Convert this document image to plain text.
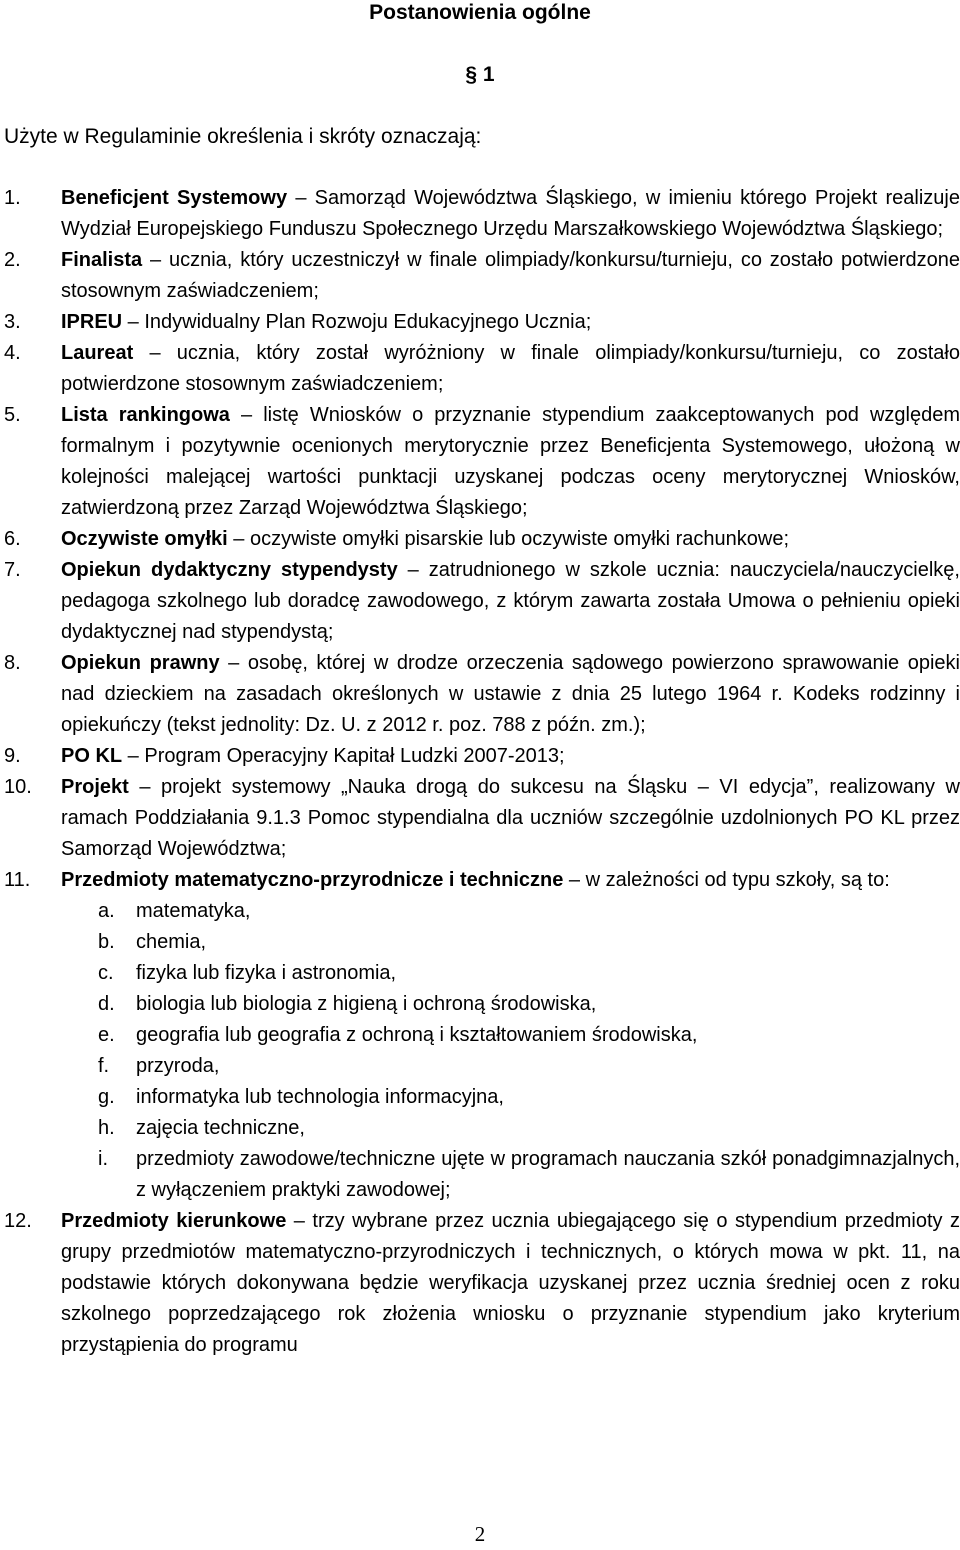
Postanowienia ogólne
§ 1
Użyte w Regulaminie określenia i skróty oznaczają:
1.	Beneficjent Systemowy – Samorząd Województwa Śląskiego, w imieniu którego Projekt realizuje Wydział Europejskiego Funduszu Społecznego Urzędu Marszałkowskiego Województwa Śląskiego;
2.	Finalista – ucznia, który uczestniczył w finale olimpiady/konkursu/turnieju, co zostało potwierdzone stosownym zaświadczeniem;
3.	IPREU – Indywidualny Plan Rozwoju Edukacyjnego Ucznia;
4.	Laureat – ucznia, który został wyróżniony w finale olimpiady/konkursu/turnieju, co zostało potwierdzone stosownym zaświadczeniem;
5.	Lista rankingowa – listę Wniosków o przyznanie stypendium zaakceptowanych pod względem formalnym i pozytywnie ocenionych merytorycznie przez Beneficjenta Systemowego, ułożoną w kolejności malejącej wartości punktacji uzyskanej podczas oceny merytorycznej Wniosków, zatwierdzoną przez Zarząd Województwa Śląskiego;
6.	Oczywiste omyłki – oczywiste omyłki pisarskie lub oczywiste omyłki rachunkowe;
7.	Opiekun dydaktyczny stypendysty – zatrudnionego w szkole ucznia: nauczyciela/nauczycielkę, pedagoga szkolnego lub doradcę zawodowego, z którym zawarta została Umowa o pełnieniu opieki dydaktycznej nad stypendystą;
8.	Opiekun prawny – osobę, której w drodze orzeczenia sądowego powierzono sprawowanie opieki nad dzieckiem na zasadach określonych w ustawie z dnia 25 lutego 1964 r. Kodeks rodzinny i opiekuńczy (tekst jednolity: Dz. U. z 2012 r. poz. 788 z późn. zm.);
9.	PO KL – Program Operacyjny Kapitał Ludzki 2007-2013;
10.	Projekt – projekt systemowy „Nauka drogą do sukcesu na Śląsku – VI edycja”, realizowany w ramach Poddziałania 9.1.3 Pomoc stypendialna dla uczniów szczególnie uzdolnionych PO KL przez Samorząd Województwa;
11.	Przedmioty matematyczno-przyrodnicze i techniczne – w zależności od typu szkoły, są to:
a. matematyka,
b. chemia,
c. fizyka lub fizyka i astronomia,
d. biologia lub biologia z higieną i ochroną środowiska,
e. geografia lub geografia z ochroną i kształtowaniem środowiska,
f. przyroda,
g. informatyka lub technologia informacyjna,
h. zajęcia techniczne,
i. przedmioty zawodowe/techniczne ujęte w programach nauczania szkół ponadgimnazjalnych, z wyłączeniem praktyki zawodowej;
12.	Przedmioty kierunkowe – trzy wybrane przez ucznia ubiegającego się o stypendium przedmioty z grupy przedmiotów matematyczno-przyrodniczych i technicznych, o których mowa w pkt. 11, na podstawie których dokonywana będzie weryfikacja uzyskanej przez ucznia średniej ocen z roku szkolnego poprzedzającego rok złożenia wniosku o przyznanie stypendium jako kryterium przystąpienia do programu
2
